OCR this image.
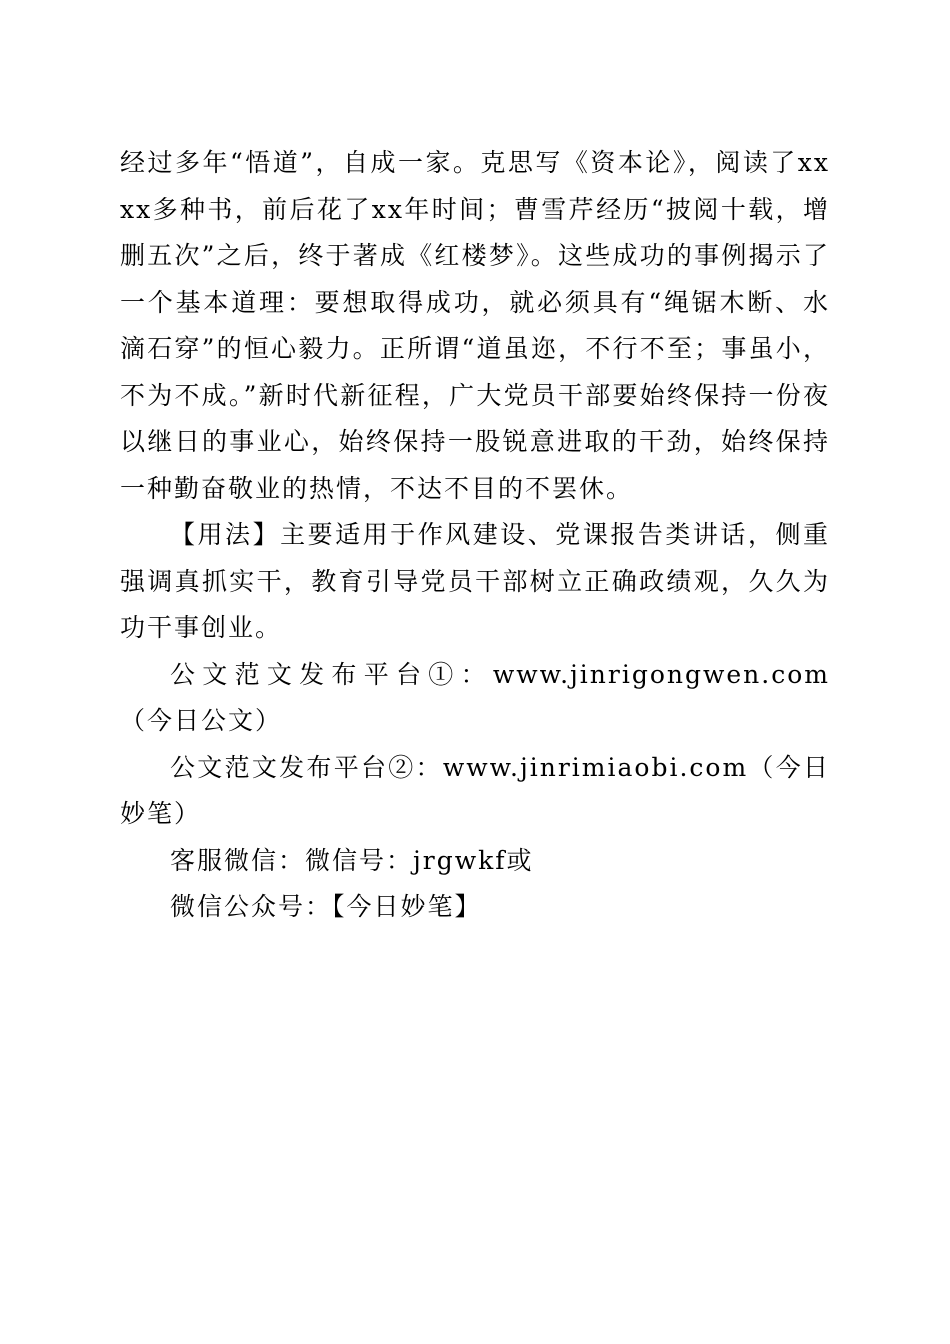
经过多年“悟道”，自成一家。克思写《资本论》，阅读了xxxx多种书，前后花了xx年时间；曹雪芹经历“披阅十载，增删五次”之后，终于著成《红楼梦》。这些成功的事例揭示了一个基本道理：要想取得成功，就必须具有“绳锯木断、水滴石穿”的恒心毅力。正所谓“道虽迩，不行不至；事虽小，不为不成。”新时代新征程，广大党员干部要始终保持一份夜以继日的事业心，始终保持一股锐意进取的干劲，始终保持一种勤奋敬业的热情，不达不目的不罢休。

【用法】主要适用于作风建设、党课报告类讲话，侧重强调真抓实干，教育引导党员干部树立正确政绩观，久久为功干事创业。

公文范文发布平台①：www.jinrigongwen.com（今日公文）

公文范文发布平台②：www.jinrimiaobi.com（今日妙笔）

客服微信：微信号：jrgwkf或

微信公众号：【今日妙笔】
